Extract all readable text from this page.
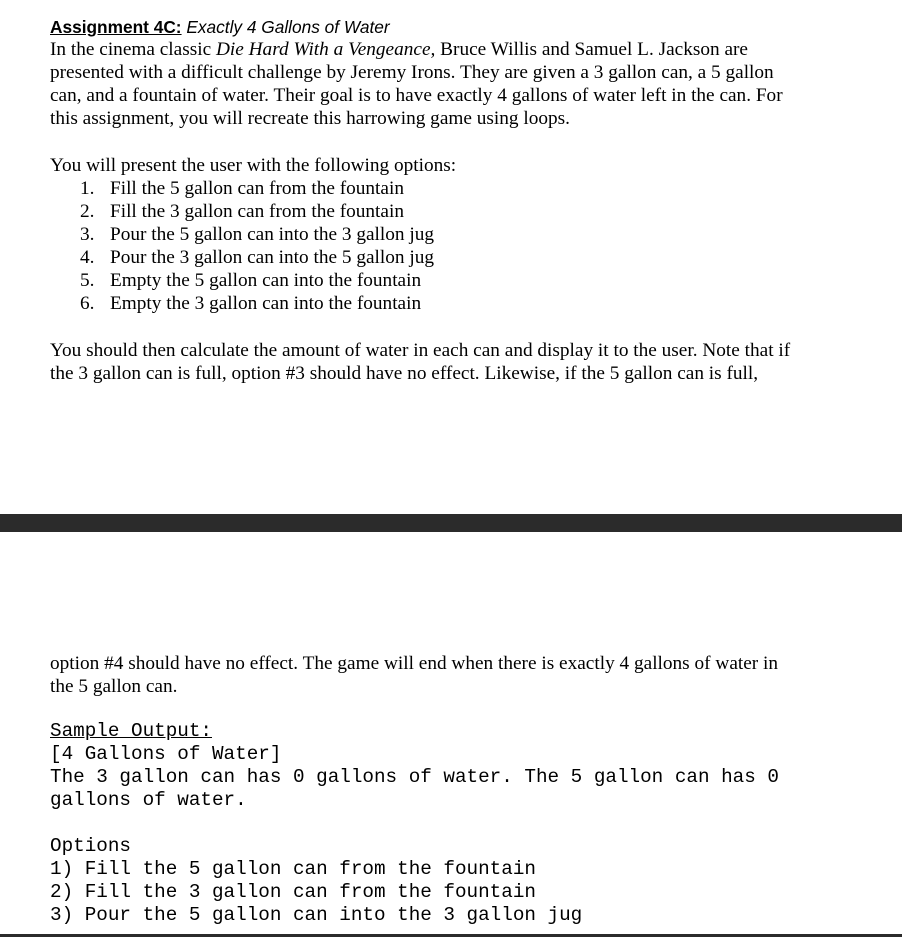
Assignment 4C: Exactly 4 Gallons of Water
In the cinema classic Die Hard With a Vengeance, Bruce Willis and Samuel L. Jackson are
presented with a difficult challenge by Jeremy Irons. They are given a 3 gallon can, a 5 gallon
can, and a fountain of water. Their goal is to have exactly 4 gallons of water left in the can. For
this assignment, you will recreate this harrowing game using loops.
You will present the user with the following options:
1. Fill the 5 gallon can from the fountain
2. Fill the 3 gallon can from the fountain
3. Pour the 5 gallon can into the 3 gallon jug
4. Pour the 3 gallon can into the 5 gallon jug
5. Empty the 5 gallon can into the fountain
6. Empty the 3 gallon can into the fountain
You should then calculate the amount of water in each can and display it to the user. Note that if
the 3 gallon can is full, option #3 should have no effect. Likewise, if the 5 gallon can is full,
option #4 should have no effect. The game will end when there is exactly 4 gallons of water in
the 5 gallon can.
Sample Output:
[4 Gallons of Water]
The 3 gallon can has 0 gallons of water. The 5 gallon can has 0
gallons of water.
Options
1) Fill the 5 gallon can from the fountain
2) Fill the 3 gallon can from the fountain
3) Pour the 5 gallon can into the 3 gallon jug
